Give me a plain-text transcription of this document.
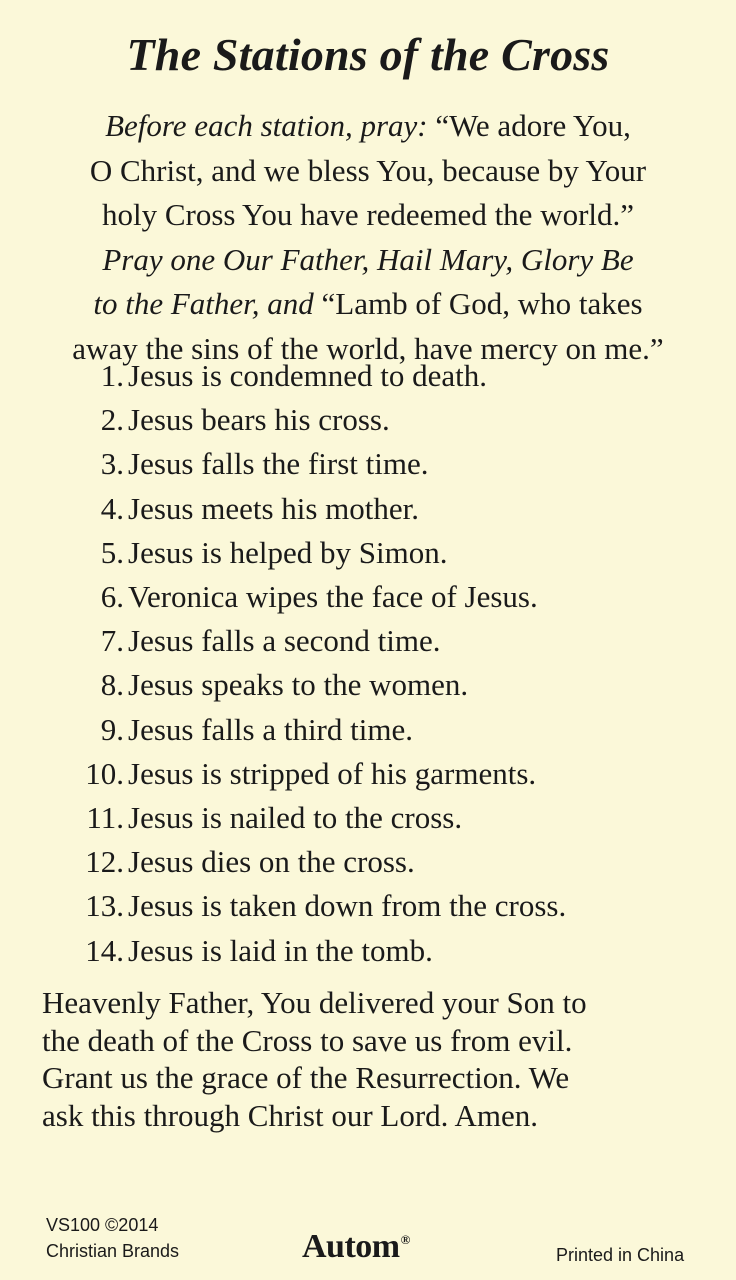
The Stations of the Cross
Before each station, pray: “We adore You,
O Christ, and we bless You, because by Your
holy Cross You have redeemed the world.”
Pray one Our Father, Hail Mary, Glory Be
to the Father, and “Lamb of God, who takes
away the sins of the world, have mercy on me.”
1. Jesus is condemned to death.
2. Jesus bears his cross.
3. Jesus falls the first time.
4. Jesus meets his mother.
5. Jesus is helped by Simon.
6. Veronica wipes the face of Jesus.
7. Jesus falls a second time.
8. Jesus speaks to the women.
9. Jesus falls a third time.
10. Jesus is stripped of his garments.
11. Jesus is nailed to the cross.
12. Jesus dies on the cross.
13. Jesus is taken down from the cross.
14. Jesus is laid in the tomb.
Heavenly Father, You delivered your Son to
the death of the Cross to save us from evil.
Grant us the grace of the Resurrection. We
ask this through Christ our Lord. Amen.
VS100 ©2014
Christian Brands	Autom®
Printed in China
